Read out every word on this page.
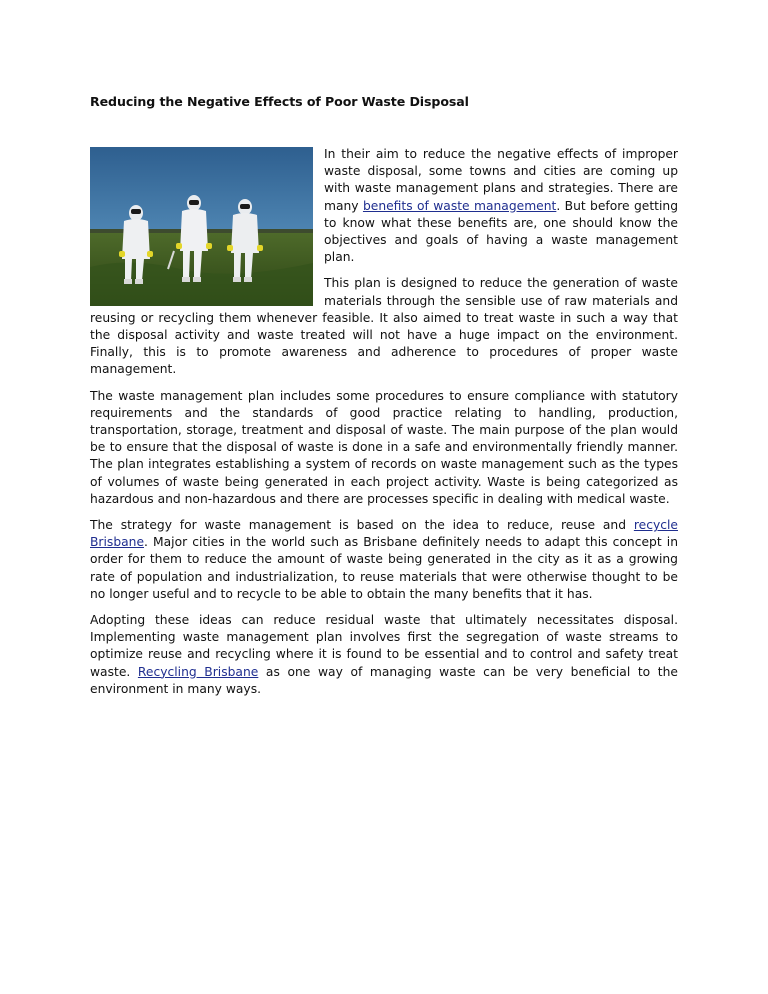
Reducing the Negative Effects of Poor Waste Disposal

In their aim to reduce the negative effects of improper waste disposal, some towns and cities are coming up with waste management plans and strategies. There are many benefits of waste management. But before getting to know what these benefits are, one should know the objectives and goals of having a waste management plan.

This plan is designed to reduce the generation of waste materials through the sensible use of raw materials and reusing or recycling them whenever feasible. It also aimed to treat waste in such a way that the disposal activity and waste treated will not have a huge impact on the environment. Finally, this is to promote awareness and adherence to procedures of proper waste management.

The waste management plan includes some procedures to ensure compliance with statutory requirements and the standards of good practice relating to handling, production, transportation, storage, treatment and disposal of waste. The main purpose of the plan would be to ensure that the disposal of waste is done in a safe and environmentally friendly manner. The plan integrates establishing a system of records on waste management such as the types of volumes of waste being generated in each project activity. Waste is being categorized as hazardous and non-hazardous and there are processes specific in dealing with medical waste.

The strategy for waste management is based on the idea to reduce, reuse and recycle Brisbane. Major cities in the world such as Brisbane definitely needs to adapt this concept in order for them to reduce the amount of waste being generated in the city as it as a growing rate of population and industrialization, to reuse materials that were otherwise thought to be no longer useful and to recycle to be able to obtain the many benefits that it has.

Adopting these ideas can reduce residual waste that ultimately necessitates disposal. Implementing waste management plan involves first the segregation of waste streams to optimize reuse and recycling where it is found to be essential and to control and safety treat waste. Recycling Brisbane as one way of managing waste can be very beneficial to the environment in many ways.
